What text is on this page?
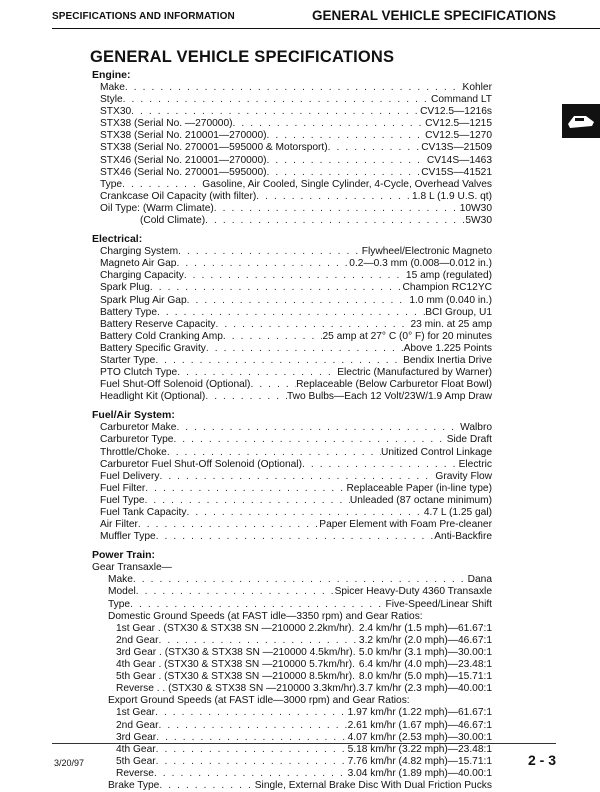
SPECIFICATIONS AND INFORMATION	GENERAL VEHICLE SPECIFICATIONS
GENERAL VEHICLE SPECIFICATIONS
Engine:
Make . . .	Kohler
Style . . .	Command LT
STX30 . . .	CV12.5—1216s
STX38 (Serial No. —270000) . . .	CV12.5—1215
STX38 (Serial No. 210001—270000) . . .	CV12.5—1270
STX38 (Serial No. 270001—595000 & Motorsport) . . .	CV13S—21509
STX46 (Serial No. 210001—270000) . . .	CV14S—1463
STX46 (Serial No. 270001—595000) . . .	CV15S—41521
Type . . .	Gasoline, Air Cooled, Single Cylinder, 4-Cycle, Overhead Valves
Crankcase Oil Capacity (with filter) . . .	1.8 L (1.9 U.S. qt)
Oil Type: (Warm Climate) . . .	10W30
(Cold Climate) . . .	5W30
Electrical:
Charging System . . .	Flywheel/Electronic Magneto
Magneto Air Gap . . .	0.2—0.3 mm (0.008—0.012 in.)
Charging Capacity . . .	15 amp (regulated)
Spark Plug . . .	Champion RC12YC
Spark Plug Air Gap . . .	1.0 mm (0.040 in.)
Battery Type . . .	BCI Group, U1
Battery Reserve Capacity . . .	23 min. at 25 amp
Battery Cold Cranking Amp . . .	25 amp at 27° C (0° F) for 20 minutes
Battery Specific Gravity . . .	Above 1.225 Points
Starter Type . . .	Bendix Inertia Drive
PTO Clutch Type . . .	Electric (Manufactured by Warner)
Fuel Shut-Off Solenoid (Optional) . . .	Replaceable (Below Carburetor Float Bowl)
Headlight Kit (Optional) . . .	Two Bulbs—Each 12 Volt/23W/1.9 Amp Draw
Fuel/Air System:
Carburetor Make . . .	Walbro
Carburetor Type . . .	Side Draft
Throttle/Choke . . .	Unitized Control Linkage
Carburetor Fuel Shut-Off Solenoid (Optional) . . .	Electric
Fuel Delivery . . .	Gravity Flow
Fuel Filter . . .	Replaceable Paper (in-line type)
Fuel Type . . .	Unleaded (87 octane minimum)
Fuel Tank Capacity . . .	4.7 L (1.25 gal)
Air Filter . . .	Paper Element with Foam Pre-cleaner
Muffler Type . . .	Anti-Backfire
Power Train:
Gear Transaxle—
Make . . .	Dana
Model . . .	Spicer Heavy-Duty 4360 Transaxle
Type . . .	Five-Speed/Linear Shift
Domestic Ground Speeds (at FAST idle—3350 rpm) and Gear Ratios:
1st Gear . (STX30 & STX38 SN —210000 2.2km/hr) . . . 2.4 km/hr (1.5 mph)—61.67:1
2nd Gear . . .	3.2 km/hr (2.0 mph)—46.67:1
3rd Gear . (STX30 & STX38 SN —210000 4.5km/hr) . . . 5.0 km/hr (3.1 mph)—30.00:1
4th Gear . (STX30 & STX38 SN —210000 5.7km/hr) . . . 6.4 km/hr (4.0 mph)—23.48:1
5th Gear . (STX30 & STX38 SN —210000 8.5km/hr) . . . 8.0 km/hr (5.0 mph)—15.71:1
Reverse . . (STX30 & STX38 SN —210000 3.3km/hr) . . . 3.7 km/hr (2.3 mph)—40.00:1
Export Ground Speeds (at FAST idle—3000 rpm) and Gear Ratios:
1st Gear . . .	1.97 km/hr (1.22 mph)—61.67:1
2nd Gear . . .	2.61 km/hr (1.67 mph)—46.67:1
3rd Gear . . .	4.07 km/hr (2.53 mph)—30.00:1
4th Gear . . .	5.18 km/hr (3.22 mph)—23.48:1
5th Gear . . .	7.76 km/hr (4.82 mph)—15.71:1
Reverse . . .	3.04 km/hr (1.89 mph)—40.00:1
Brake Type . . .	Single, External Brake Disc With Dual Friction Pucks
3/20/97	2 - 3
